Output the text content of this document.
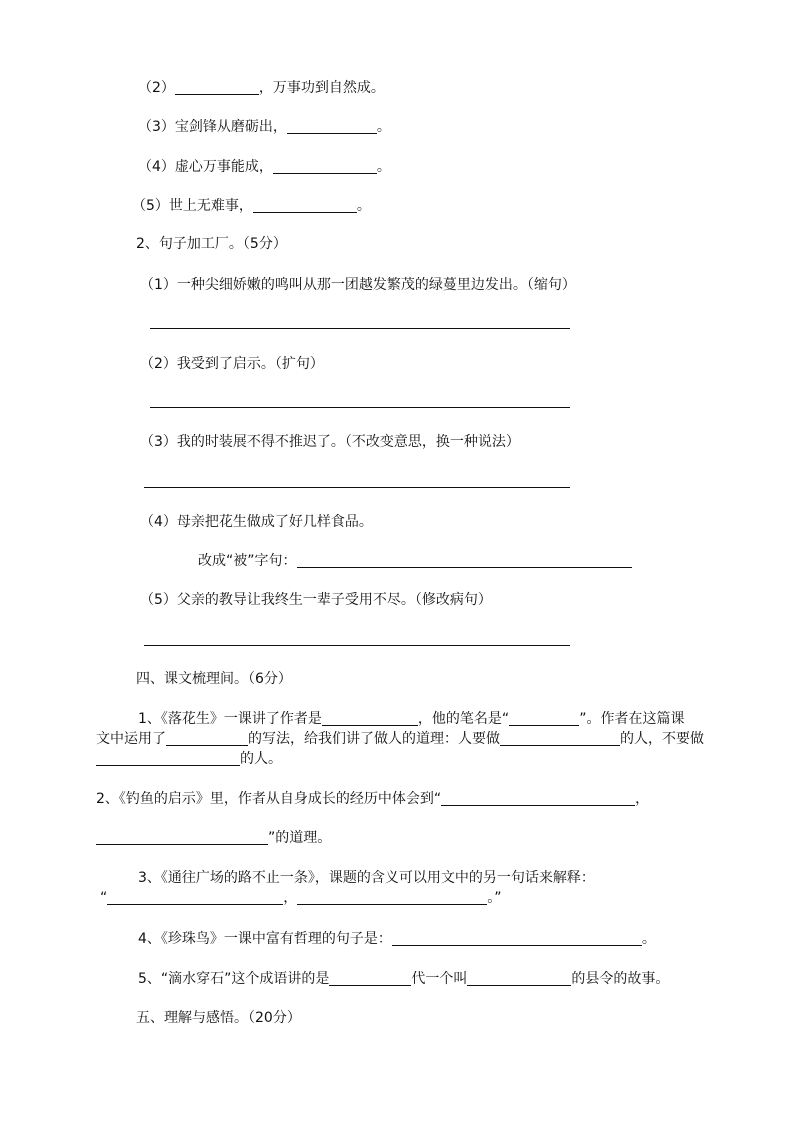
（2）	，万事功到自然成。
（3）宝剑锋从磨砺出，	。
（4）虚心万事能成，	。
（5）世上无难事，	。
2、句子加工厂。（5分）
（1）一种尖细娇嫩的鸣叫从那一团越发繁茂的绿蔓里边发出。（缩句）
（2）我受到了启示。（扩句）
（3）我的时装展不得不推迟了。（不改变意思，换一种说法）
（4）母亲把花生做成了好几样食品。
改成“被”字句：
（5）父亲的教导让我终生一辈子受用不尽。（修改病句）
四、课文梳理间。（6分）
1、《落花生》一课讲了作者是	，他的笔名是“	”。作者在这篇课
文中运用了	的写法，给我们讲了做人的道理：人要做	的人，不要做
的人。
2、《钓鱼的启示》里，作者从自身成长的经历中体会到“	，
”的道理。
3、《通往广场的路不止一条》，课题的含义可以用文中的另一句话来解释：
“	，	。”
4、《珍珠鸟》一课中富有哲理的句子是：	。
5、“滴水穿石”这个成语讲的是	代一个叫	的县令的故事。
五、理解与感悟。（20分）
